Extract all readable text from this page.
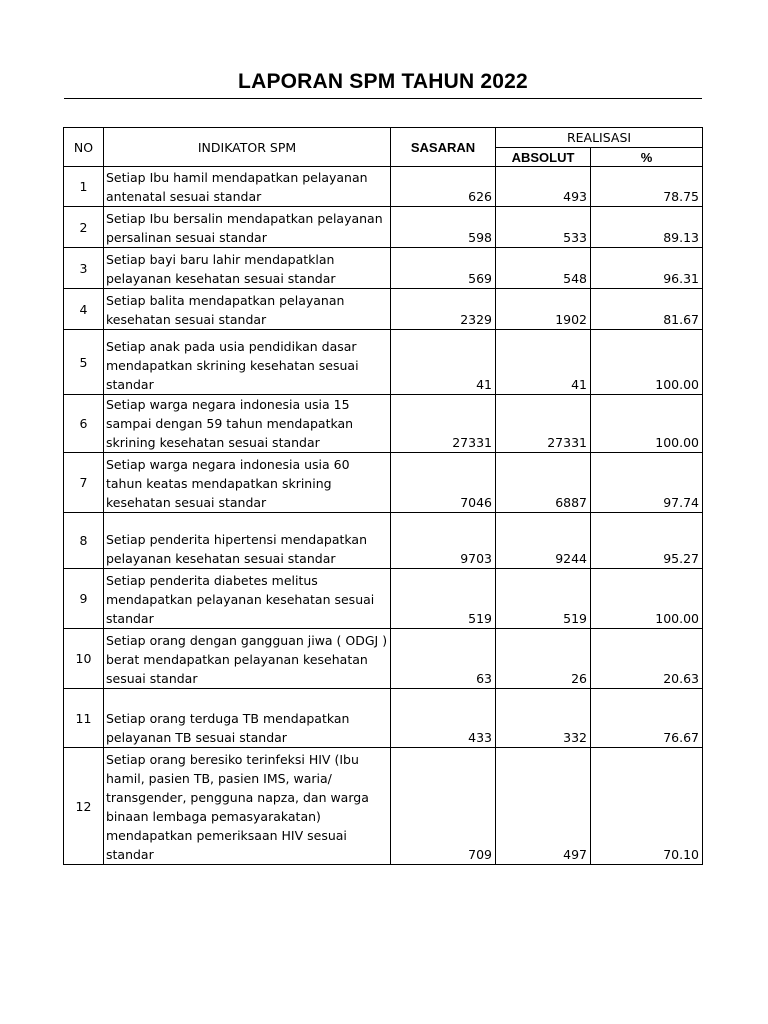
LAPORAN SPM TAHUN 2022
NO	INDIKATOR SPM	SASARAN	REALISASI	
			ABSOLUT	%
1	Setiap Ibu hamil mendapatkan pelayanan antenatal sesuai standar	626	493	78.75
2	Setiap Ibu bersalin mendapatkan pelayanan persalinan sesuai standar	598	533	89.13
3	Setiap bayi baru lahir mendapatklan pelayanan kesehatan sesuai standar	569	548	96.31
4	Setiap balita mendapatkan pelayanan kesehatan sesuai standar	2329	1902	81.67
5	Setiap anak pada usia pendidikan dasar mendapatkan skrining kesehatan sesuai standar	41	41	100.00
6	Setiap warga negara indonesia usia 15 sampai dengan 59 tahun mendapatkan skrining kesehatan sesuai standar	27331	27331	100.00
7	Setiap warga negara indonesia usia 60 tahun keatas mendapatkan skrining kesehatan sesuai standar	7046	6887	97.74
8	Setiap penderita hipertensi mendapatkan pelayanan kesehatan sesuai standar	9703	9244	95.27
9	Setiap penderita diabetes melitus mendapatkan pelayanan kesehatan sesuai standar	519	519	100.00
10	Setiap orang dengan gangguan jiwa ( ODGJ ) berat mendapatkan pelayanan kesehatan sesuai standar	63	26	20.63
11	Setiap orang terduga TB mendapatkan pelayanan TB sesuai standar	433	332	76.67
12	Setiap orang beresiko terinfeksi HIV (Ibu hamil, pasien TB, pasien IMS, waria/ transgender, pengguna napza, dan warga binaan lembaga pemasyarakatan) mendapatkan pemeriksaan HIV sesuai standar	709	497	70.10
